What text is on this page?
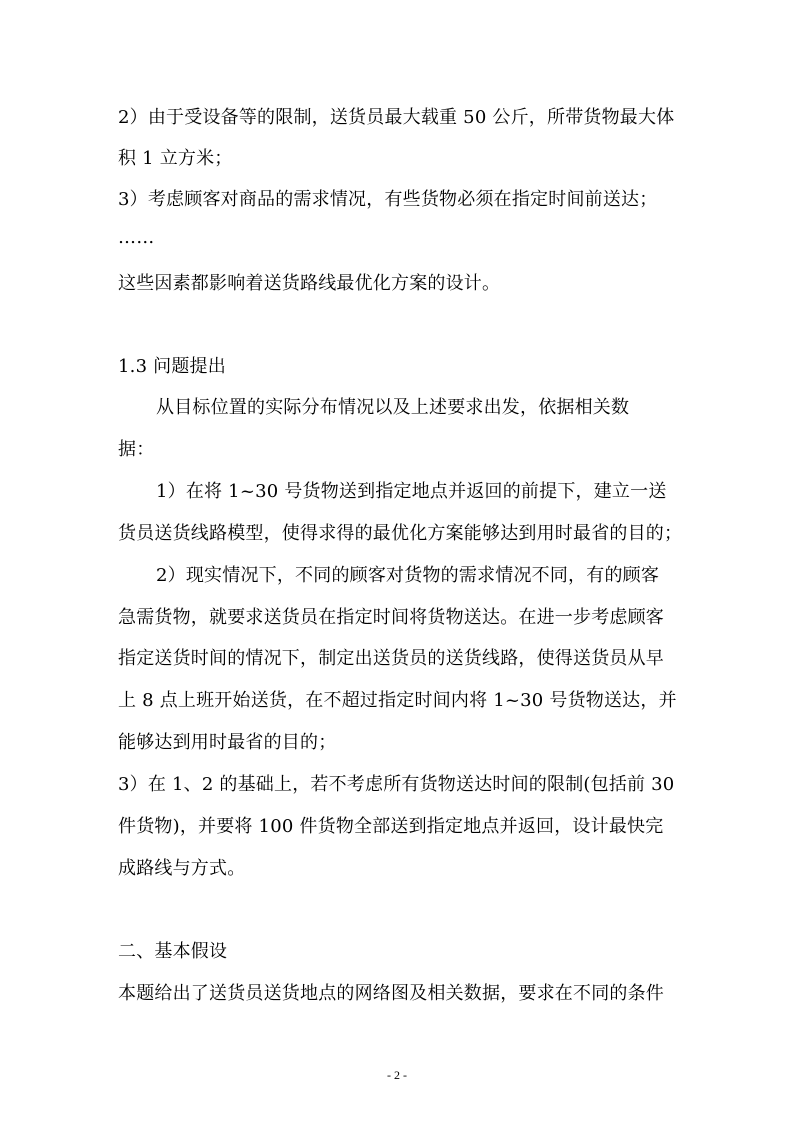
2）由于受设备等的限制，送货员最大载重 50 公斤，所带货物最大体
积 1 立方米；
3）考虑顾客对商品的需求情况，有些货物必须在指定时间前送达；
……
这些因素都影响着送货路线最优化方案的设计。
1.3 问题提出
从目标位置的实际分布情况以及上述要求出发，依据相关数
据：
1）在将 1~30 号货物送到指定地点并返回的前提下，建立一送
货员送货线路模型，使得求得的最优化方案能够达到用时最省的目的；
2）现实情况下，不同的顾客对货物的需求情况不同，有的顾客
急需货物，就要求送货员在指定时间将货物送达。在进一步考虑顾客
指定送货时间的情况下，制定出送货员的送货线路，使得送货员从早
上 8 点上班开始送货，在不超过指定时间内将 1~30 号货物送达，并
能够达到用时最省的目的；
3）在 1、2 的基础上，若不考虑所有货物送达时间的限制(包括前 30
件货物)，并要将 100 件货物全部送到指定地点并返回，设计最快完
成路线与方式。
二、基本假设
本题给出了送货员送货地点的网络图及相关数据，要求在不同的条件
- 2 -
